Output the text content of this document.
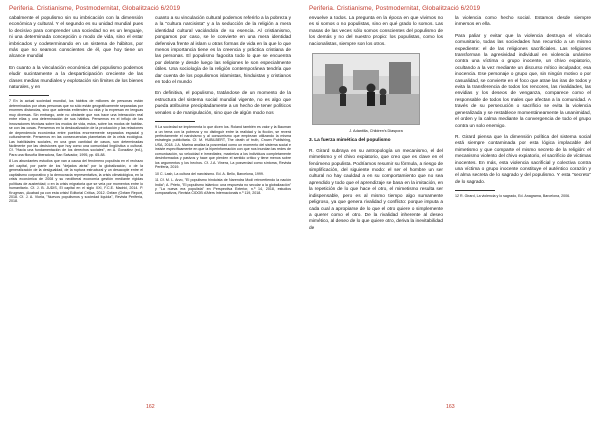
Periferia. Cristianisme, Postmodernitat, Globalització 6/2019

cabalmente el populismo sin su imbricación con la dimensión económica y cultural. Y el segundo es su unidad mundial pues lo decisivo para comprender una sociedad no es un lenguaje, ni una determinada concepción o modo de vida, sino el estar imbricados y codeterminando en un sistema de hábitos, por más que no seamos conscientes de él, que hoy tiene un alcance mundial

En cuanto a la vinculación económica del populismo podemos eludir sucintamente a la desparticipación creciente de las clases medias mundiales y explotación sin límites de los bienes naturales, y en

7 En la actual sociedad mundial, los hábitos de millones de personas están determinados por otras personas que no sólo están geográficamente separadas por enormes distancias, sino que además entienden su vida y la expresan en lenguas muy diversas. Sin embargo, ante no obstante que nos hace una interacción real entre ellas y una determinación de sus hábitos. Pensemos en el influjo de las innovaciones técnicas sobre los modos de vida, estos, sobre los modos de habitar-se con las cosas. Pensemos en la deslocalización de la producción y las relaciones de dependencia económica entre pueblos enormemente separados espacial y culturalmente. Pensemos en las consecuencias planetarias de la crisis ecológica. Las habilidades sociales, en una gran cantidad de casos, son determinadas fácilmente por las decisiones que hoy como una comunidad lingüística o cultural. Cf. "Hacia una fundamentación de los derechos sociales", en A. González (ed.), Para una filosofía liberadora, San Salvador, 1995, pp. 65-88.

8 Los abundantes estudios que van a causa del fenómeno populista en el rechazo del capital, por parte de los "dejados atrás" por la globalización, o de la generalización de la desigualdad, de la ruptura estructural y un desacople entre el capitalismo corporativo y la democracia representativa, la crisis climatológica, en la crisis económica de 2008 y su neoliberal economía gestión mediante rígidas políticas de austeridad; o en la crisis migratoria que se veía por momentos entre lo humanitario. Cf. J. B. JUDIS, El capital en el siglo XXI, F.C.E. Madrid, 2014. P. Krugman, ¡Acabad ya con esta crisis! Editorial Crítica, 2012. Oxfam (Oxfam Report, 2018. Cf. J. A. Vioria, "Nuevos populismos y sociedad líquida", Revista Periferia, 2018.

cuanto a su vinculación cultural podemos referirlo a la pobreza y a la "cultura narcisista" y a la seducción de la religión a mera identidad cultural vaciándola de su esencia. Al cristianismo, pongamos por caso, se le convierte en una mera identidad defensiva frente al islam u otras formas de vida en la que lo que menos importancia tiene es la creencia y práctica cristiana de las personas. El populismo fagocita todo lo que se encuentra por delante y desde luego las religiones le son especialmente útiles. Una sociología de la religión contemporánea tendría que dar cuenta de los populismos islamistas, hinduistas y cristianos en todo el mundo

En definitiva, el populismo, tratándose de un momento de la estructura del sistema social mundial vigente, no es algo que pueda atribuirse precipitadamente a un hecho de tener políticos venales o de manipulación, sino que de algún modo nos

9 La sociedad se implementa lo que dicen los. Roland también es valor y la Bauman a un tema con la pobreza y no distinguir entre la realidad y la ficción, se reverá perfectamente el narcisismo y al consumismo que empiezan utilizando la misma estrategia publicitaria. Cf. M. HUBILBERT, The death of truth, Crown Publishing, USA, 2018. J.A. Marina analiza la posverdad como un momento del sistema social e insiste específicamente en que la hiperinformación con que nos inundan las redes de comunicación, su velocidad e inmediatez, maximiza a los individuos completamente desinformados y pasivos y hace que pierden el sentido crítico y tiene menos sobre los argumentos y los hechos. Cf. J.A. Vinera, La posverdad como síntoma, Revista Periferia, 2019.

10 C. Lash, La cultura del narcisismo. Ed. A. Bello, Barcelona, 1999.

11 Cf. M. L. Arvo, "El populismo hinduista de Narendra Modi reinvertiendo la nación India"; A. Prieto, "El populismo islámico: una respuesta no secular a la globalización" y "La nueva era populista" en Perspectiva Exterior, n.º 14, 2018, estudios comparativos, Revista CIDOB d'Afers Internacionals n.º 119, 2018.

162
Periferia. Cristianisme, Postmodernitat, Globalització 6/2019

envuelve a todos. La pregunta en la época en que vivimos no es si somos o no populistas, sino en qué grado lo somos. Las masas de las veces sólo somos conscientes del populismo de los demás y no del nuestro propio: los populistas, como los nacionalistas, siempre son los otros.

J. Adantilla, Children's Diaspora

3. La fuerza mimética del populismo

R. Girard subraya en su antropología un mecanismo, el del mimetismo y el chivo expiatorio, que creo que es clave en el fenómeno populista. Podríamos resumir su fórmula, a riesgo de simplificación, del siguiente modo: el ser el hombre un ser cultural no hay cauldad a en su comportamiento que no sea aprendido y todo que el aprendizaje se basa en la imitación, en la repetición de lo que hace el otro, el mimetismo resulta ser indispensable, pero es al mismo tiempo algo sumamente peligroso, ya que genera rivalidad y conflicto: porque imputa a cada cual a apropiarse de lo que el otro quiere o simplemente a querer como el otro. De la rivalidad inherente al deseo mimético, al deseo de lo que quiere otro, deriva la inevitabilidad de

la violencia como hecho social. Estamos desde siempre inmersos en ella.

Para paliar y evitar que la violencia destruya el vínculo comunitario, todas las sociedades han recurrido a un mismo expediente: el de las religiones sacrificiales. Las religiones transforman la agresividad individual en violencia unánime contra una víctima o grupo inocente, un chivo expiatorio, ocultando a la vez mediante un discurso mítico inculpador, esa inocencia. Ese personaje o grupo que, sin ningún motivo o por casualidad, se convierte en el foco que atrae las iras de todos y evita la transferencia de todos los rencores, las rivalidades, las envidias y los deseos de venganza, comparece como el responsable de todos los males que afectan a la comunidad. A través de su persecución o sacrificio se evita la violencia generalizada y se restablece momentáneamente la unanimidad, el orden y la calma mediante la convergencia de todo el grupo contra un solo enemigo.

R. Girard piensa que la dimensión política del sistema social está siempre contaminada por esta lógica implacable del mimetismo y que comparte el mismo secreto de la religión: el mecanismo violento del chivo expiatorio, el sacrificio de víctimas inocentes. En más, esta violencia sacrificial y colectiva contra una víctima o grupo inocente constituye el auténtico corazón y el alma secreta de lo sagrado y del populismo. Y esta "secreto" de lo sagrado.

12 R. Girard, La violencia y lo sagrado, Ed. Anagrama, Barcelona, 2006.

163
